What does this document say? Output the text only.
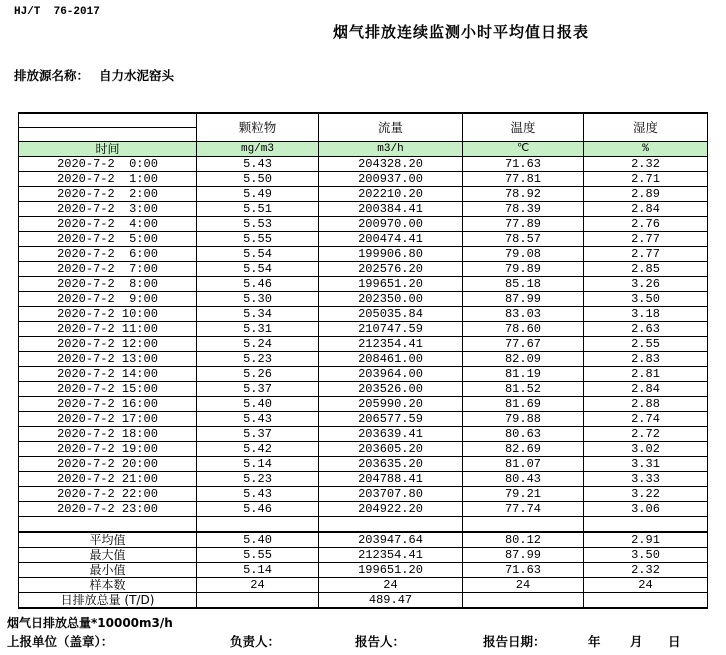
HJ/T  76-2017
烟气排放连续监测小时平均值日报表
排放源名称： 自力水泥窑头
	颗粒物	流量	温度	湿度

时间	mg/m3	m3/h	℃	%
2020-7-2  0:00	5.43	204328.20	71.63	2.32
2020-7-2  1:00	5.50	200937.00	77.81	2.71
2020-7-2  2:00	5.49	202210.20	78.92	2.89
2020-7-2  3:00	5.51	200384.41	78.39	2.84
2020-7-2  4:00	5.53	200970.00	77.89	2.76
2020-7-2  5:00	5.55	200474.41	78.57	2.77
2020-7-2  6:00	5.54	199906.80	79.08	2.77
2020-7-2  7:00	5.54	202576.20	79.89	2.85
2020-7-2  8:00	5.46	199651.20	85.18	3.26
2020-7-2  9:00	5.30	202350.00	87.99	3.50
2020-7-2 10:00	5.34	205035.84	83.03	3.18
2020-7-2 11:00	5.31	210747.59	78.60	2.63
2020-7-2 12:00	5.24	212354.41	77.67	2.55
2020-7-2 13:00	5.23	208461.00	82.09	2.83
2020-7-2 14:00	5.26	203964.00	81.19	2.81
2020-7-2 15:00	5.37	203526.00	81.52	2.84
2020-7-2 16:00	5.40	205990.20	81.69	2.88
2020-7-2 17:00	5.43	206577.59	79.88	2.74
2020-7-2 18:00	5.37	203639.41	80.63	2.72
2020-7-2 19:00	5.42	203605.20	82.69	3.02
2020-7-2 20:00	5.14	203635.20	81.07	3.31
2020-7-2 21:00	5.23	204788.41	80.43	3.33
2020-7-2 22:00	5.43	203707.80	79.21	3.22
2020-7-2 23:00	5.46	204922.20	77.74	3.06

平均值	5.40	203947.64	80.12	2.91
最大值	5.55	212354.41	87.99	3.50
最小值	5.14	199651.20	71.63	2.32
样本数	24	24	24	24
日排放总量 (T/D)		489.47		
烟气日排放总量*10000m3/h
上报单位（盖章）：	负责人：	报告人：	报告日期：	年 月 日
